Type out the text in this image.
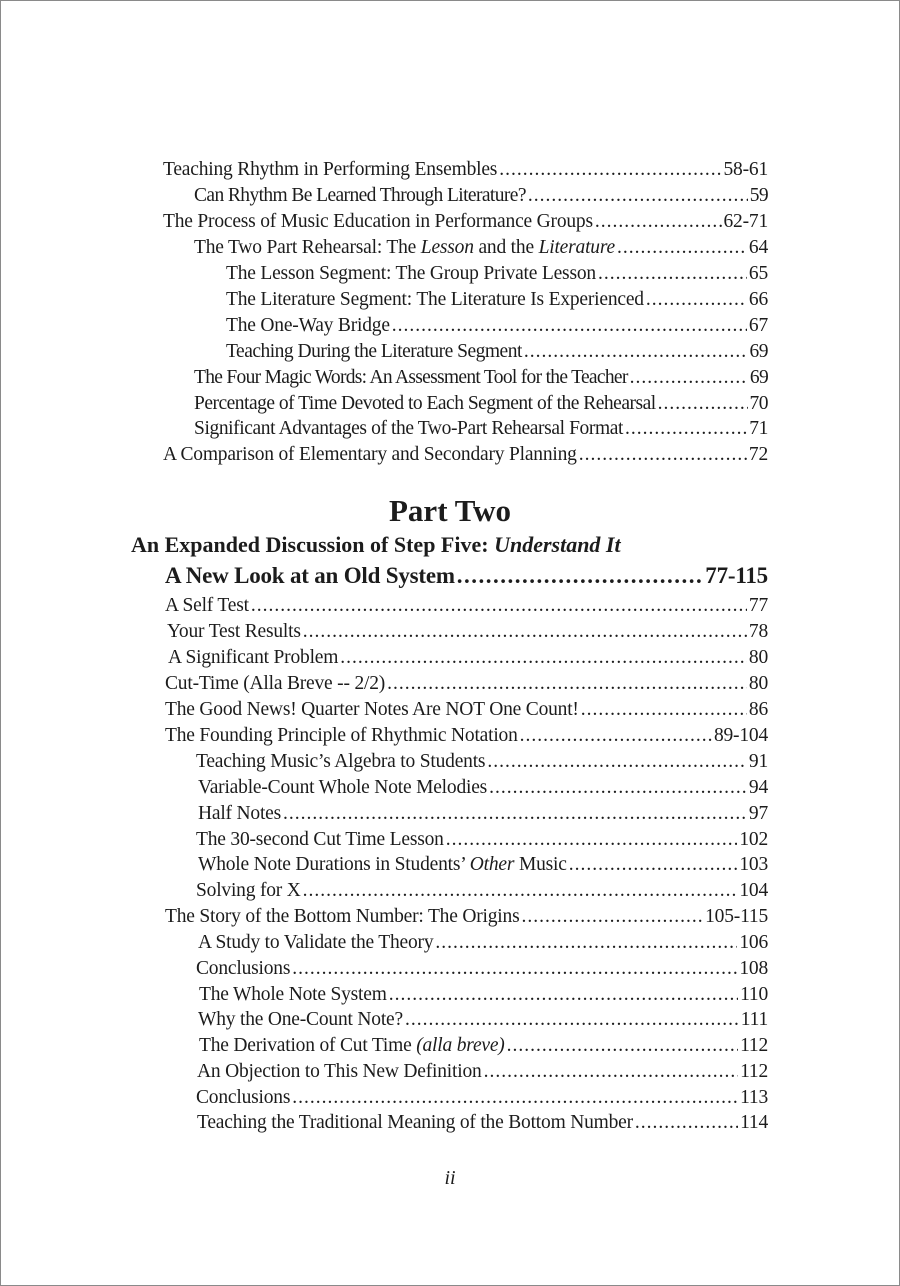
Teaching Rhythm in Performing Ensembles .....	58-61
Can Rhythm Be Learned Through Literature? .....	59
The Process of Music Education in Performance Groups .....	62-71
The Two Part Rehearsal: The Lesson and the Literature .....	64
The Lesson Segment: The Group Private Lesson .....	65
The Literature Segment: The Literature Is Experienced .....	66
The One-Way Bridge .....	67
Teaching During the Literature Segment .....	69
The Four Magic Words: An Assessment Tool for the Teacher .....	69
Percentage of Time Devoted to Each Segment of the Rehearsal .....	70
Significant Advantages of the Two-Part Rehearsal Format .....	71
A Comparison of Elementary and Secondary Planning .....	72
Part Two
An Expanded Discussion of Step Five: Understand It
A New Look at an Old System .....	77-115
A Self Test .....	77
Your Test Results .....	78
A Significant Problem .....	80
Cut-Time (Alla Breve -- 2/2) .....	80
The Good News! Quarter Notes Are NOT One Count! .....	86
The Founding Principle of Rhythmic Notation .....	89-104
Teaching Music’s Algebra to Students .....	91
Variable-Count Whole Note Melodies .....	94
Half Notes .....	97
The 30-second Cut Time Lesson .....	102
Whole Note Durations in Students’ Other Music .....	103
Solving for X .....	104
The Story of the Bottom Number: The Origins .....	105-115
A Study to Validate the Theory .....	106
Conclusions .....	108
The Whole Note System .....	110
Why the One-Count Note? .....	111
The Derivation of Cut Time (alla breve) .....	112
An Objection to This New Definition .....	112
Conclusions .....	113
Teaching the Traditional Meaning of the Bottom Number .....	114
ii
